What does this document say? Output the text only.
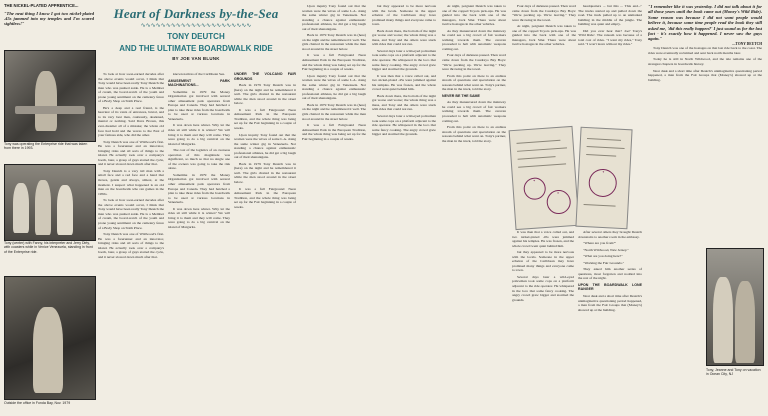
THE NICKEL-PLATED APPRENTICE...
"The neat thing I know I got two nickel-plated .45s jammed into my temples and I'm scared sightless!"
Tony was operating the Enterprise ride that was taken from there in 1993.
Tony (center) with Fanny, his interpreter and Jerry Dirty, with coasters while in Venice Venezuela, standing in front of the Enterprise ride.
Outside the office in Fonda Bay, Nov. 1979
Heart of Darkness by-the-Sea
∿∿∿∿∿∿∿∿∿∿∿∿∿∿∿∿∿∿∿∿∿∿
TONY DEUTCH
AND THE ULTIMATE BOARDWALK RIDE
BY JOE VAN BLUNK

To look at how soon-earned decades after the above events would occur, I think that Tony would have been really Tony Deutch the man who was pushed aside. He is a Member of cream, the board-watch of the youth and prone young sentiment on the cemetery fence of a Body Shop on Sixth Place.

He's a deep and a real friend, is the heaviest of its vents of entrances, brutal, and to its very best man, cautiously, deadened, mental or nothing. Said Dave Brown, this ever-dreamer all of a mistake; the whole old face had hold and the waves to the East of your famous side, who did the other.

Tony Deutch was one of Wildwood's first. He was a forerunner and an innovator, bringing rides and all sorts of things to the island. He actually took over a company's booth, later, a group of guys started the cycle, and it never slowed down much after that.

Tony Deutch is a very tall man with a small face and a red face and a hand that moves, gentle and always, almost, at the moment. I suspect what happened is an old man on the boardwalk who ran games in the 1950s.

To look at how soon-earned decades after the above events would occur, I think that Tony would have been really Tony Deutch the man who was pushed aside. He is a Member of cream, the board-watch of the youth and prone young sentiment on the cemetery fence of a Body Shop on Sixth Place.

Tony Deutch was one of Wildwood's first. He was a forerunner and an innovator, bringing rides and all sorts of things to the island. He actually took over a company's booth, later, a group of guys started the cycle, and it never slowed down much after that.

known natives of the Caribbean Sea.

AMUSEMENT PARK MACHINATIONS...

Sometime in 1979 the Money Organization got involved with several other amusement park operators from Europe and Canada. They had hatched a plan to take three rides from the boardwalk to be used at various locations in Venezuela.

It was down here winter. Why let the rides sit still while it is winter? We will bring it to them and they will come. They were going to do a big carnival on the island of Margarita.

The cost of the logistics of an overseas operation of this magnitude was significant, so much so that no single one of the owners was going to take the risk alone.

Sometime in 1979 the Money Organization got involved with several other amusement park operators from Europe and Canada. They had hatched a plan to take three rides from the boardwalk to be used at various locations in Venezuela.

It was down here winter. Why let the rides sit still while it is winter? We will bring it to them and they will come. They were going to do a big carnival on the island of Margarita.

UNDER THE VOLCANO FAIR GROUNDS

Back in 1979 Tony Deutch was in (here) on the night and he remembered it well. The girls chatted in the restaurant while the men stood around in the street below.

It was a full Fairground Neon Amusement Park in the European Tradition, and the whole thing was being set up for the Fair beginning in a couple of weeks.

Upon inquiry Tony found out that the women were the wives of some L.A. doing the same winter gig in Venezuela. Not standing a chance against enthusiastic professional athletes, he did get a big laugh out of their shenanigans.

Back in 1979 Tony Deutch was in (here) on the night and he remembered it well. The girls chatted in the restaurant while the men stood around in the street below.

It was a full Fairground Neon Amusement Park in the European Tradition, and the whole thing was being set up for the Fair beginning in a couple of weeks.

Upon inquiry Tony found out that the women were the wives of some L.A. doing the same winter gig in Venezuela. Not standing a chance against enthusiastic professional athletes, he did get a big laugh out of their shenanigans.

Back in 1979 Tony Deutch was in (here) on the night and he remembered it well. The girls chatted in the restaurant while the men stood around in the street below.

It was a full Fairground Neon Amusement Park in the European Tradition, and the whole thing was being set up for the Fair beginning in a couple of weeks.

Upon inquiry Tony found out that the women were the wives of some L.A. doing the same winter gig in Venezuela. Not standing a chance against enthusiastic professional athletes, he did get a big laugh out of their shenanigans.

Back in 1979 Tony Deutch was in (here) on the night and he remembered it well. The girls chatted in the restaurant while the men stood around in the street below.

It was a full Fairground Neon Amusement Park in the European Tradition, and the whole thing was being set up for the Fair beginning in a couple of weeks.

but they appeared to be more nervous with the locals. Someone in the upper echelon of the Caribbean may have promised many things and everyone came to town.

Back down there, the bottom of the night got worse and worse; the whole thing was a mess, and Tony and the others were stuck with rides that could not run.

Several days later a wild-eyed policeman took some cops on a platform adjacent to the ride operator. He whispered in the loco that some fancy cooking. The angry crowd grew bigger and stormed the grounds.

It was then that a voice called out, and two nickel-plated .45s were jammed against his temples. He was frozen, and the whole crowd went quiet behind him.

Back down there, the bottom of the night got worse and worse; the whole thing was a mess, and Tony and the others were stuck with rides that could not run.

Several days later a wild-eyed policeman took some cops on a platform adjacent to the ride operator. He whispered in the loco that some fancy cooking. The angry crowd grew bigger and stormed the grounds.

At night, poignant Deutch was taken to one of the copped Toyota pick-ups. He was guided into the back with one of the managers, Jack Siler. There were about twelve hostages in the other vehicles.

As they maneuvered down the mainway he could see a big crowd of fair workers walking towards them. The caravan proceeded to halt with automatic weapons coming out.

Four days of darkness passed. Then word came down from the Caudrayo Bay Boys: "We're packing up. We're leaving." They were throwing in the towel.

From this point on there is an endless stream of questions and speculation on the reasons behind what went on. Tony's partner, the man in the truck, told the story.

NEVER BE THE SAME

As they maneuvered down the mainway he could see a big crowd of fair workers walking towards them. The caravan proceeded to halt with automatic weapons coming out.

From this point on there is an endless stream of questions and speculation on the reasons behind what went on. Tony's partner, the man in the truck, told the story.

Four days of darkness passed. Then word came down from the Caudrayo Bay Boys: "We're packing up. We're leaving." They were throwing in the towel.

At night, poignant Deutch was taken to one of the copped Toyota pick-ups. He was guided into the back with one of the managers, Jack Siler. There were about twelve hostages in the other vehicles.

✦
✦
✦

headquarters ... but this ... This end..." The trucks started up and pulled down the road. The truck pulled up to an unmarked building in the middle of the jungle. The building was quiet and empty.

Did you ever hear that? Joe? Tony's 'Wild Ride'. The ransom was because of a total cost of rides. "I want my rides," Tony said. "I won't leave without my rides."

After several others they brought Deutch downstairs to another room in the embassy.

"Where are you from?"

"North Wildwood, New Jersey."

"What are you doing here?"

"Working the Fair Grounds."

They asked him another series of questions, most forgotten and nodded into the rest of the night.

UPON THE BOARDWALK LONE RANGER

Near dusk and a short time after Deutch's unimaginative questioning period happened, a man from the Fair Groups that (Money's) showed up at the building.

It was then that a voice called out, and two nickel-plated .45s were jammed against his temples. He was frozen, and the whole crowd went quiet behind him.

but they appeared to be more nervous with the locals. Someone in the upper echelon of the Caribbean may have promised many things and everyone came to town.

Several days later a wild-eyed policeman took some cops on a platform adjacent to the ride operator. He whispered in the loco that some fancy cooking. The angry crowd grew bigger and stormed the grounds.

"I remember like it was yesterday. I did not talk about it for all those years until the book came out (Money's Wild Ride). Some reason was because I did not want people would believe it, because some time people read the book they still asked me, 'did this really happen?' I just sound as for the last fact - it's exactly how it happened. I never saw the guys again."
—TONY DEUTCH

Tony Deutch was one of the hostages on that last ride back to the coast. The rides were eventually reclaimed and sent back north months later.

Today he is still in North Wildwood, and the tale remains one of the strangest chapters in boardwalk history.

Near dusk and a short time after Deutch's unimaginative questioning period happened, a man from the Fair Groups that (Money's) showed up at the building.

Tony, Jeanne and Tony on vacation in Ocean City, NJ
